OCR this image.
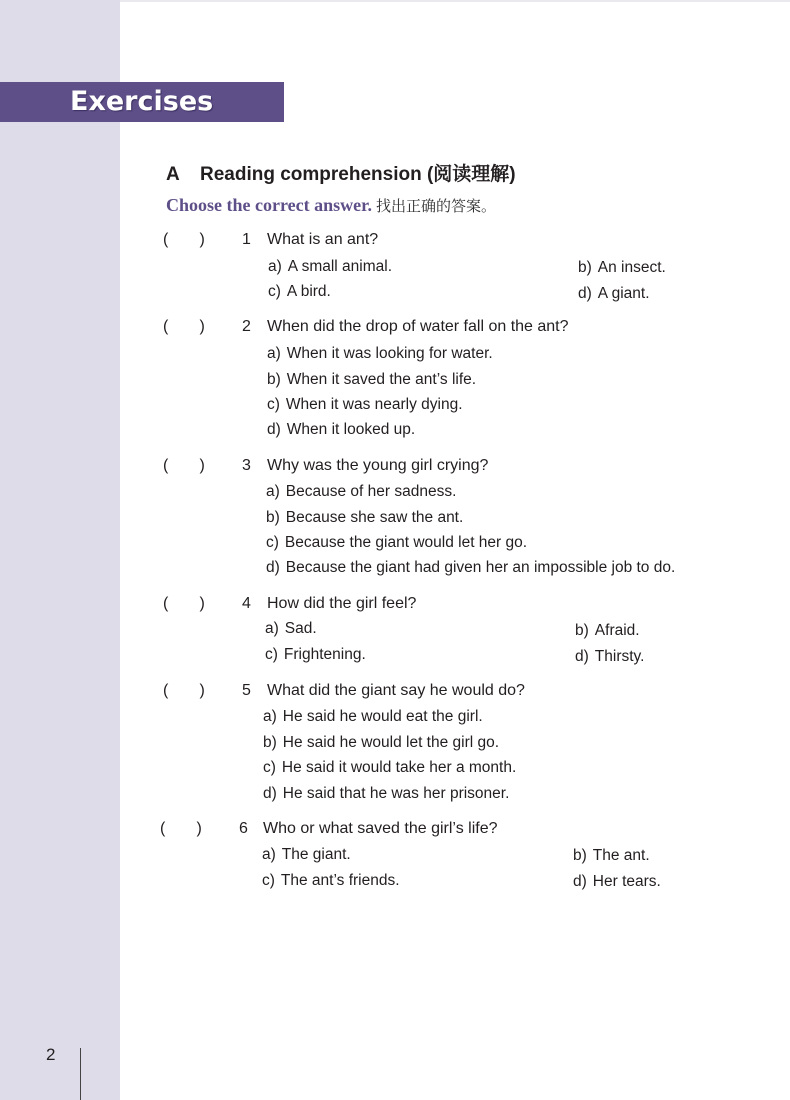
Exercises
A Reading comprehension (阅读理解)
Choose the correct answer. 找出正确的答案。
(       ) 1 What is an ant?
a) A small animal.	b) An insect.
c) A bird.	d) A giant.
(       ) 2 When did the drop of water fall on the ant?
a) When it was looking for water.
b) When it saved the ant’s life.
c) When it was nearly dying.
d) When it looked up.
(       ) 3 Why was the young girl crying?
a) Because of her sadness.
b) Because she saw the ant.
c) Because the giant would let her go.
d) Because the giant had given her an impossible job to do.
(       ) 4 How did the girl feel?
a) Sad.	b) Afraid.
c) Frightening.	d) Thirsty.
(       ) 5 What did the giant say he would do?
a) He said he would eat the girl.
b) He said he would let the girl go.
c) He said it would take her a month.
d) He said that he was her prisoner.
(       ) 6 Who or what saved the girl’s life?
a) The giant.	b) The ant.
c) The ant’s friends.	d) Her tears.
2
